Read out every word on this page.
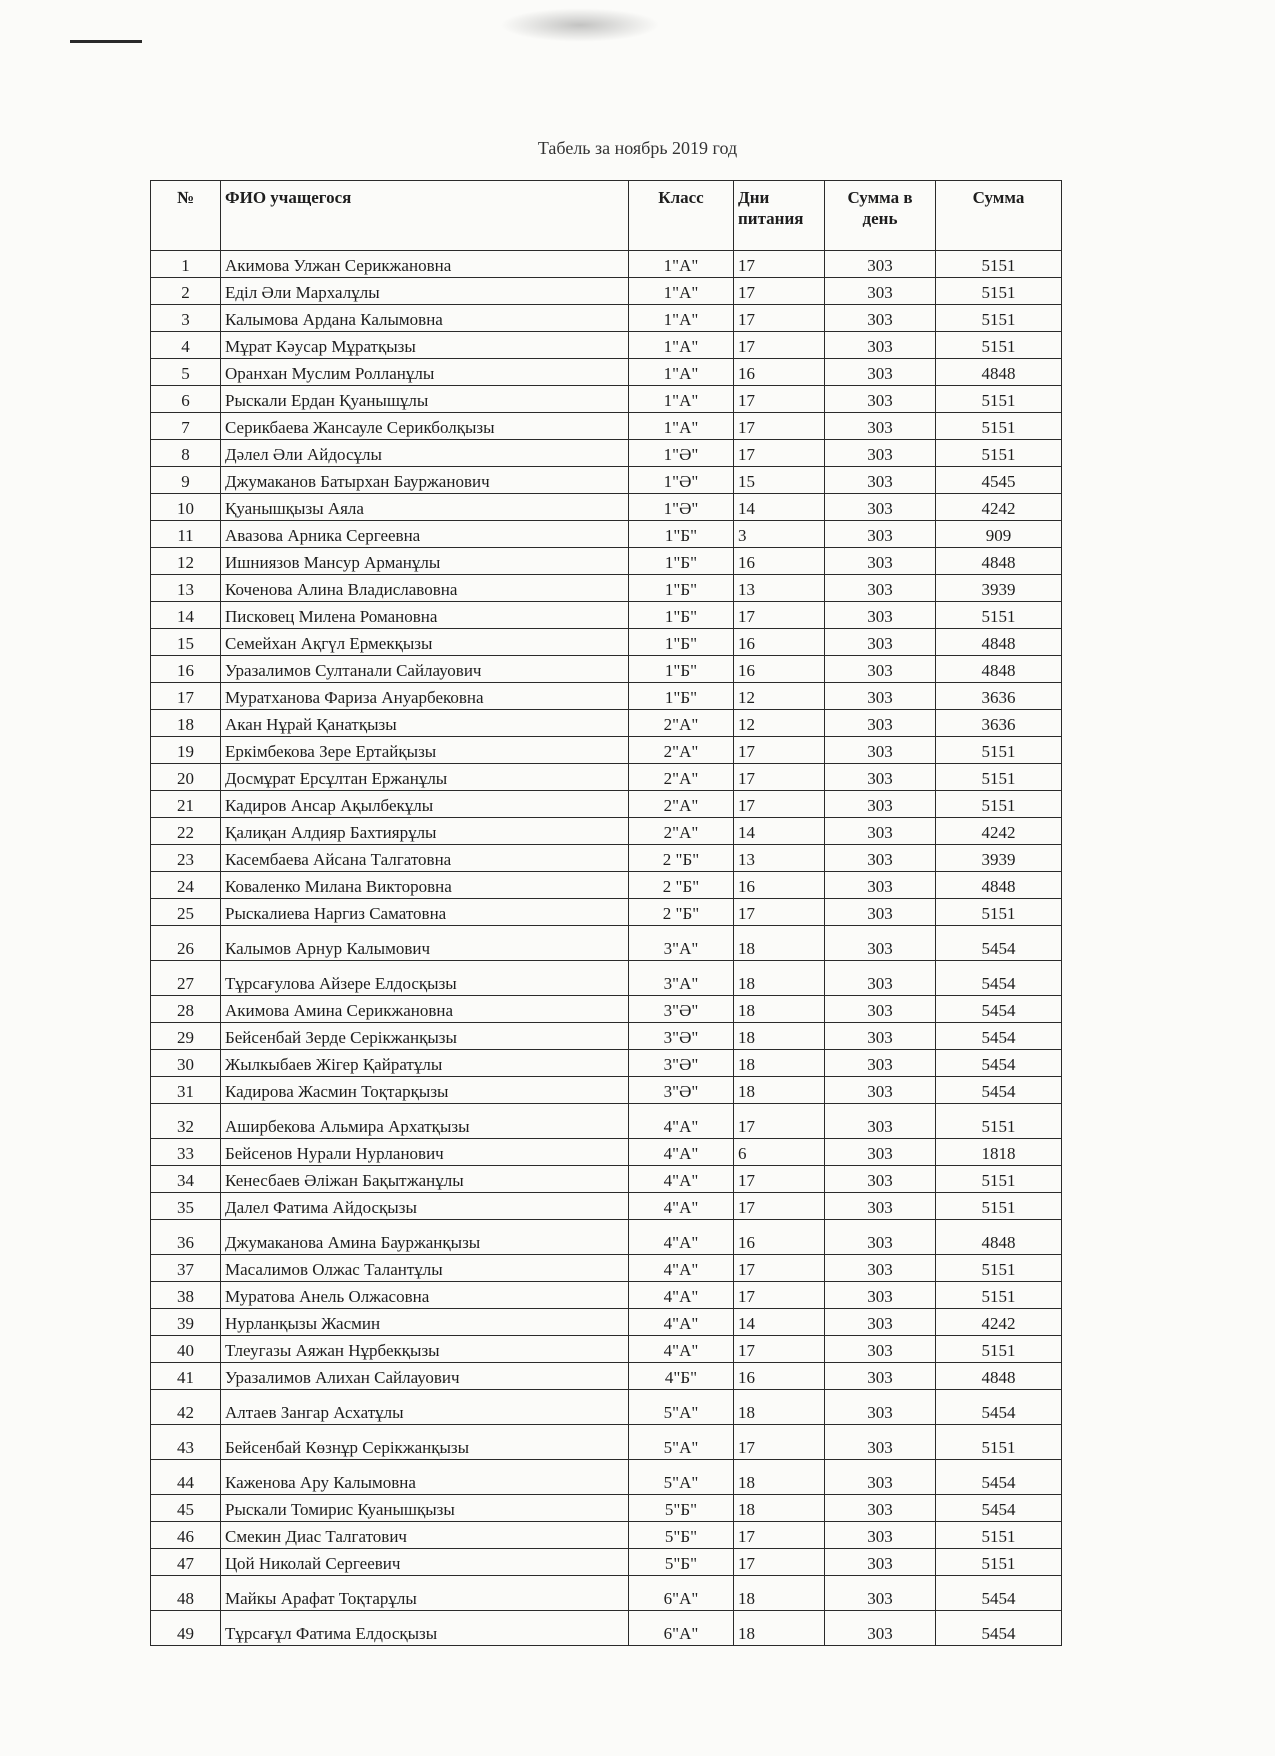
Табель за ноябрь 2019 год
№	ФИО учащегося	Класс	Дни питания	Сумма в день	Сумма
1	Акимова Улжан Серикжановна	1"А"	17	303	5151
2	Еділ Әли Мархалұлы	1"А"	17	303	5151
3	Калымова Ардана Калымовна	1"А"	17	303	5151
4	Мұрат Кәусар Мұратқызы	1"А"	17	303	5151
5	Оранхан Муслим Ролланұлы	1"А"	16	303	4848
6	Рыскали Ердан Қуанышұлы	1"А"	17	303	5151
7	Серикбаева Жансауле Серикболқызы	1"А"	17	303	5151
8	Дәлел Әли Айдосұлы	1"Ә"	17	303	5151
9	Джумаканов Батырхан Бауржанович	1"Ә"	15	303	4545
10	Қуанышқызы Аяла	1"Ә"	14	303	4242
11	Авазова Арника Сергеевна	1"Б"	3	303	909
12	Ишниязов Мансур Арманұлы	1"Б"	16	303	4848
13	Коченова Алина Владиславовна	1"Б"	13	303	3939
14	Писковец Милена Романовна	1"Б"	17	303	5151
15	Семейхан Ақгүл Ермекқызы	1"Б"	16	303	4848
16	Уразалимов Султанали Сайлауович	1"Б"	16	303	4848
17	Муратханова Фариза Ануарбековна	1"Б"	12	303	3636
18	Акан Нұрай Қанатқызы	2"А"	12	303	3636
19	Еркімбекова Зере Ертайқызы	2"А"	17	303	5151
20	Досмұрат Ерсұлтан Ержанұлы	2"А"	17	303	5151
21	Кадиров Ансар Ақылбекұлы	2"А"	17	303	5151
22	Қалиқан Алдияр Бахтиярұлы	2"А"	14	303	4242
23	Касембаева Айсана Талгатовна	2 "Б"	13	303	3939
24	Коваленко Милана Викторовна	2 "Б"	16	303	4848
25	Рыскалиева Наргиз Саматовна	2 "Б"	17	303	5151
26	Калымов Арнур Калымович	3"А"	18	303	5454
27	Тұрсағулова Айзере Елдосқызы	3"А"	18	303	5454
28	Акимова Амина Серикжановна	3"Ә"	18	303	5454
29	Бейсенбай Зерде Серікжанқызы	3"Ә"	18	303	5454
30	Жылкыбаев Жігер Қайратұлы	3"Ә"	18	303	5454
31	Кадирова Жасмин Тоқтарқызы	3"Ә"	18	303	5454
32	Аширбекова Альмира Архатқызы	4"А"	17	303	5151
33	Бейсенов Нурали Нурланович	4"А"	6	303	1818
34	Кенесбаев Әліжан Бақытжанұлы	4"А"	17	303	5151
35	Далел Фатима Айдосқызы	4"А"	17	303	5151
36	Джумаканова Амина Бауржанқызы	4"А"	16	303	4848
37	Масалимов Олжас Талантұлы	4"А"	17	303	5151
38	Муратова Анель Олжасовна	4"А"	17	303	5151
39	Нурланқызы Жасмин	4"А"	14	303	4242
40	Тлеугазы Аяжан Нұрбекқызы	4"А"	17	303	5151
41	Уразалимов Алихан Сайлауович	4"Б"	16	303	4848
42	Алтаев Зангар Асхатұлы	5"А"	18	303	5454
43	Бейсенбай Көзнұр Серікжанқызы	5"А"	17	303	5151
44	Каженова Ару Калымовна	5"А"	18	303	5454
45	Рыскали Томирис Куанышқызы	5"Б"	18	303	5454
46	Смекин Диас Талгатович	5"Б"	17	303	5151
47	Цой Николай Сергеевич	5"Б"	17	303	5151
48	Майкы Арафат Тоқтарұлы	6"А"	18	303	5454
49	Тұрсағұл Фатима Елдосқызы	6"А"	18	303	5454
